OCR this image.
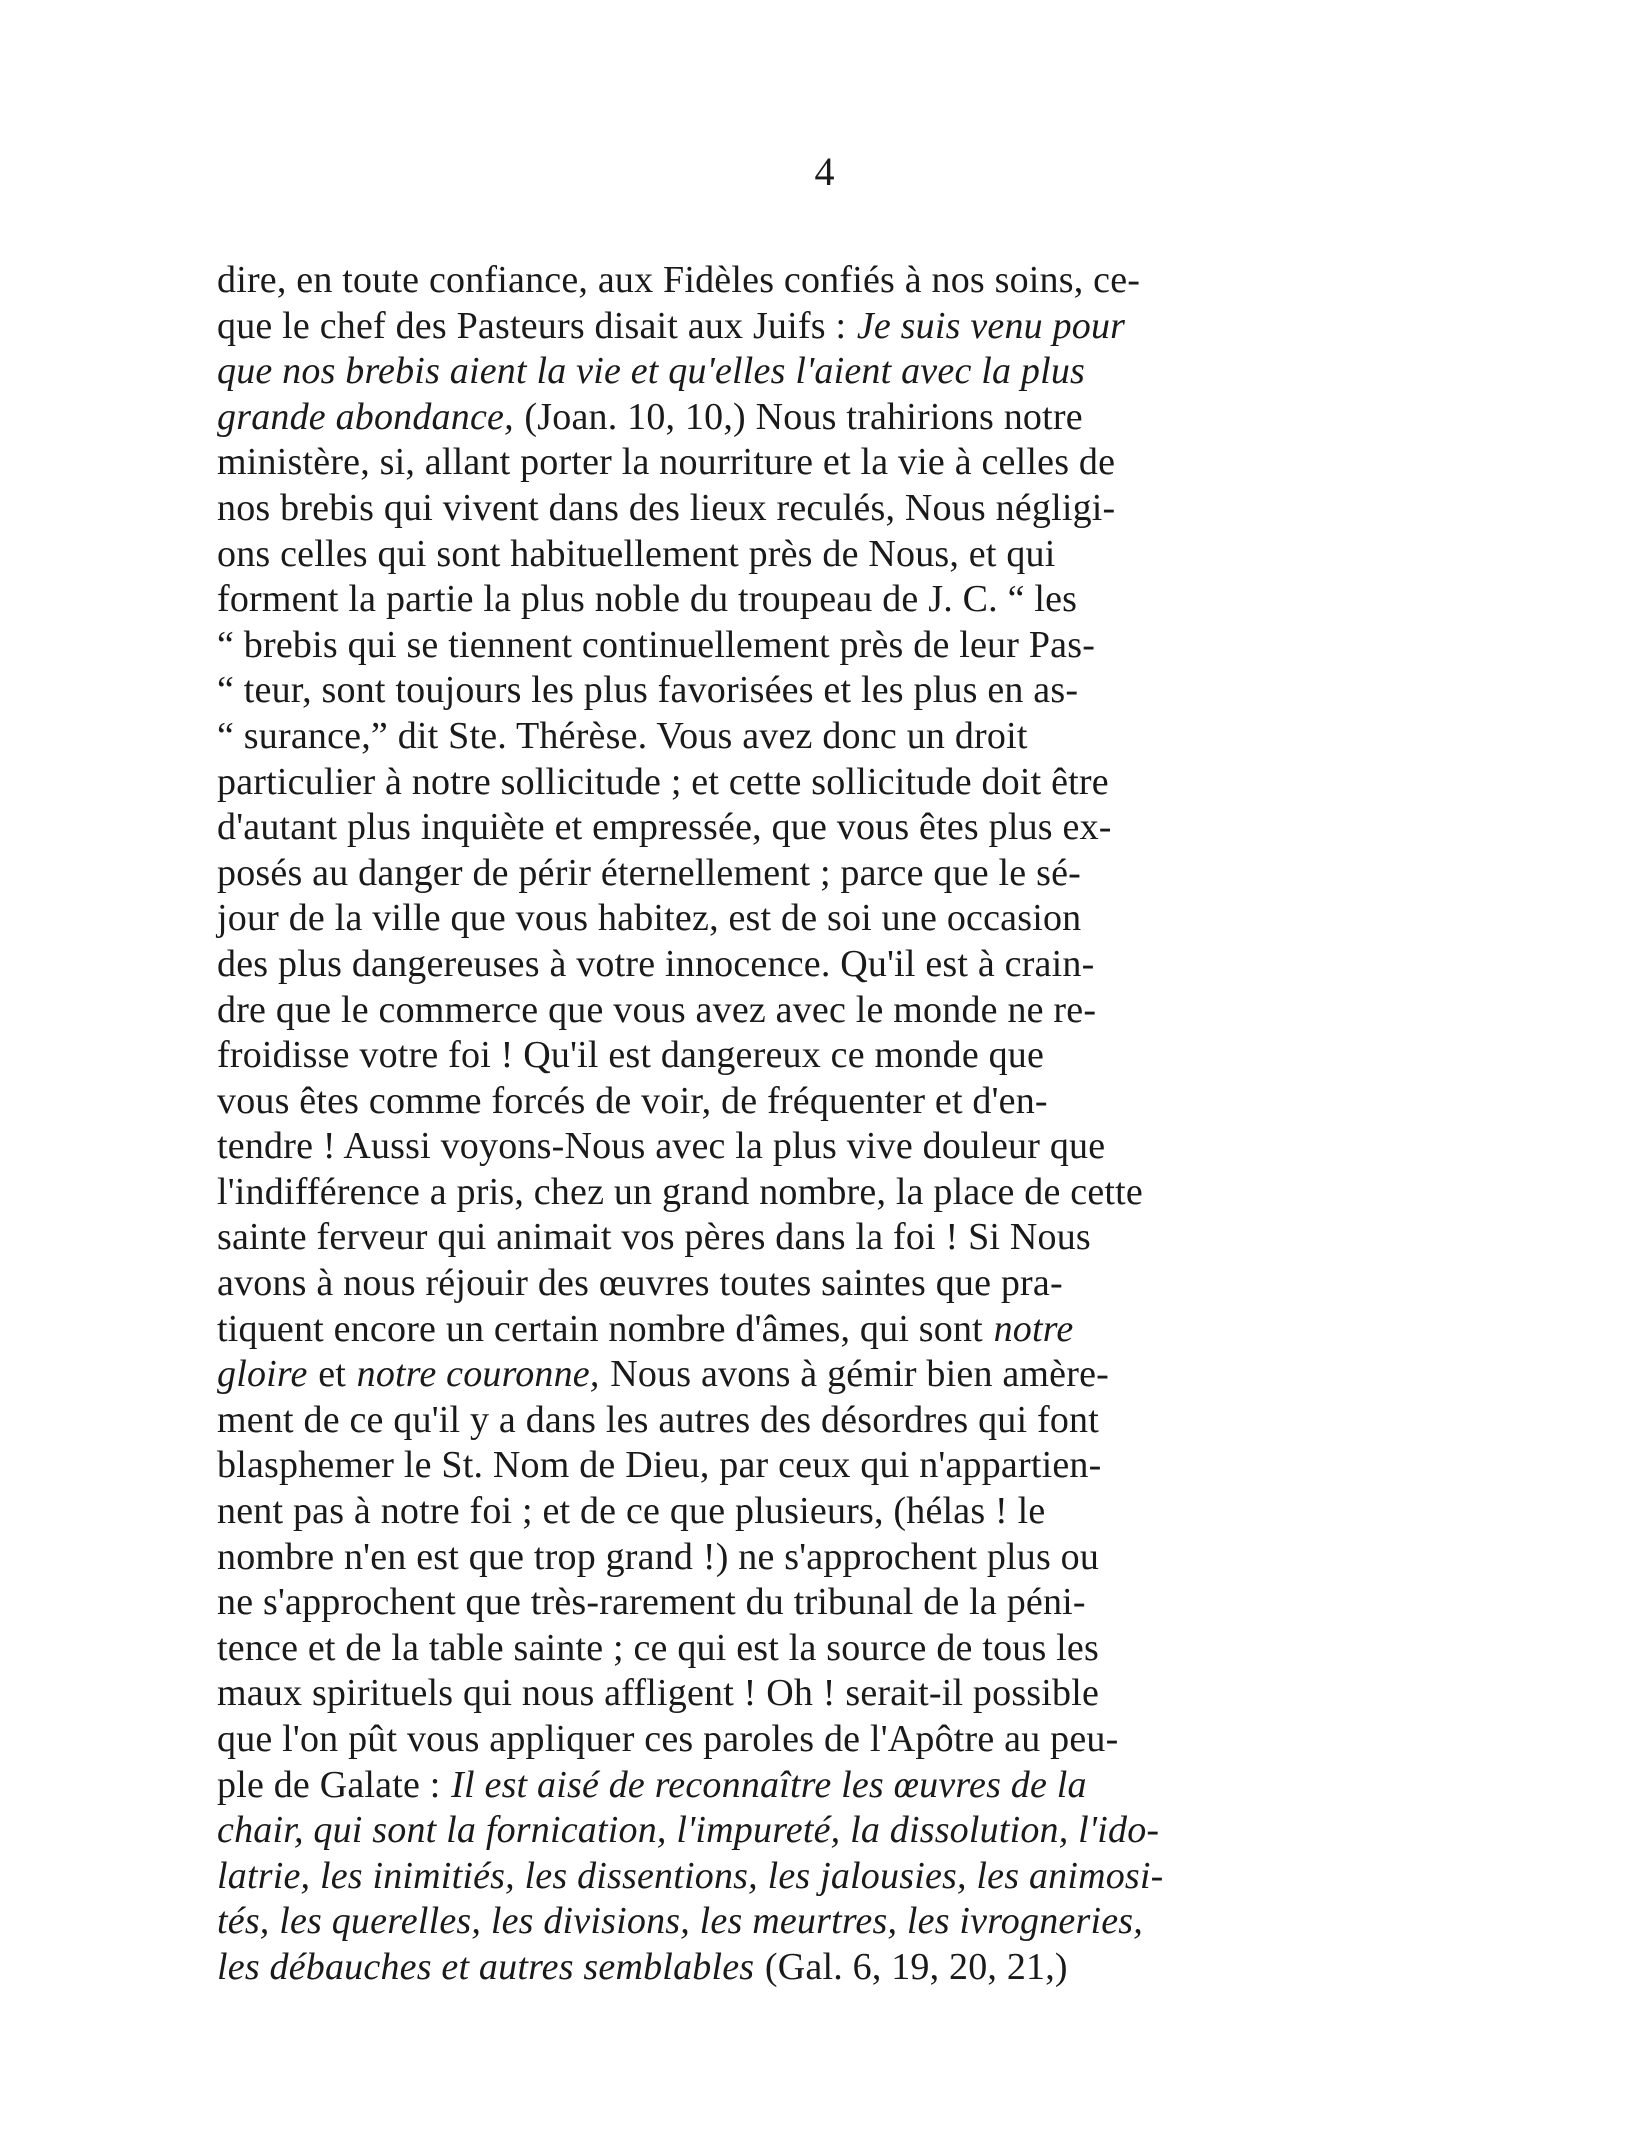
4
dire, en toute confiance, aux Fidèles confiés à nos soins, ce-
que le chef des Pasteurs disait aux Juifs : Je suis venu pour
que nos brebis aient la vie et qu'elles l'aient avec la plus
grande abondance, (Joan. 10, 10,) Nous trahirions notre
ministère, si, allant porter la nourriture et la vie à celles de
nos brebis qui vivent dans des lieux reculés, Nous négligi-
ons celles qui sont habituellement près de Nous, et qui
forment la partie la plus noble du troupeau de J. C. “ les
“ brebis qui se tiennent continuellement près de leur Pas-
“ teur, sont toujours les plus favorisées et les plus en as-
“ surance,” dit Ste. Thérèse. Vous avez donc un droit
particulier à notre sollicitude ; et cette sollicitude doit être
d'autant plus inquiète et empressée, que vous êtes plus ex-
posés au danger de périr éternellement ; parce que le sé-
jour de la ville que vous habitez, est de soi une occasion
des plus dangereuses à votre innocence. Qu'il est à crain-
dre que le commerce que vous avez avec le monde ne re-
froidisse votre foi ! Qu'il est dangereux ce monde que
vous êtes comme forcés de voir, de fréquenter et d'en-
tendre ! Aussi voyons-Nous avec la plus vive douleur que
l'indifférence a pris, chez un grand nombre, la place de cette
sainte ferveur qui animait vos pères dans la foi ! Si Nous
avons à nous réjouir des œuvres toutes saintes que pra-
tiquent encore un certain nombre d'âmes, qui sont notre
gloire et notre couronne, Nous avons à gémir bien amère-
ment de ce qu'il y a dans les autres des désordres qui font
blasphemer le St. Nom de Dieu, par ceux qui n'appartien-
nent pas à notre foi ; et de ce que plusieurs, (hélas ! le
nombre n'en est que trop grand !) ne s'approchent plus ou
ne s'approchent que très-rarement du tribunal de la péni-
tence et de la table sainte ; ce qui est la source de tous les
maux spirituels qui nous affligent ! Oh ! serait-il possible
que l'on pût vous appliquer ces paroles de l'Apôtre au peu-
ple de Galate : Il est aisé de reconnaître les œuvres de la
chair, qui sont la fornication, l'impureté, la dissolution, l'ido-
latrie, les inimitiés, les dissentions, les jalousies, les animosi-
tés, les querelles, les divisions, les meurtres, les ivrogneries,
les débauches et autres semblables (Gal. 6, 19, 20, 21,)
